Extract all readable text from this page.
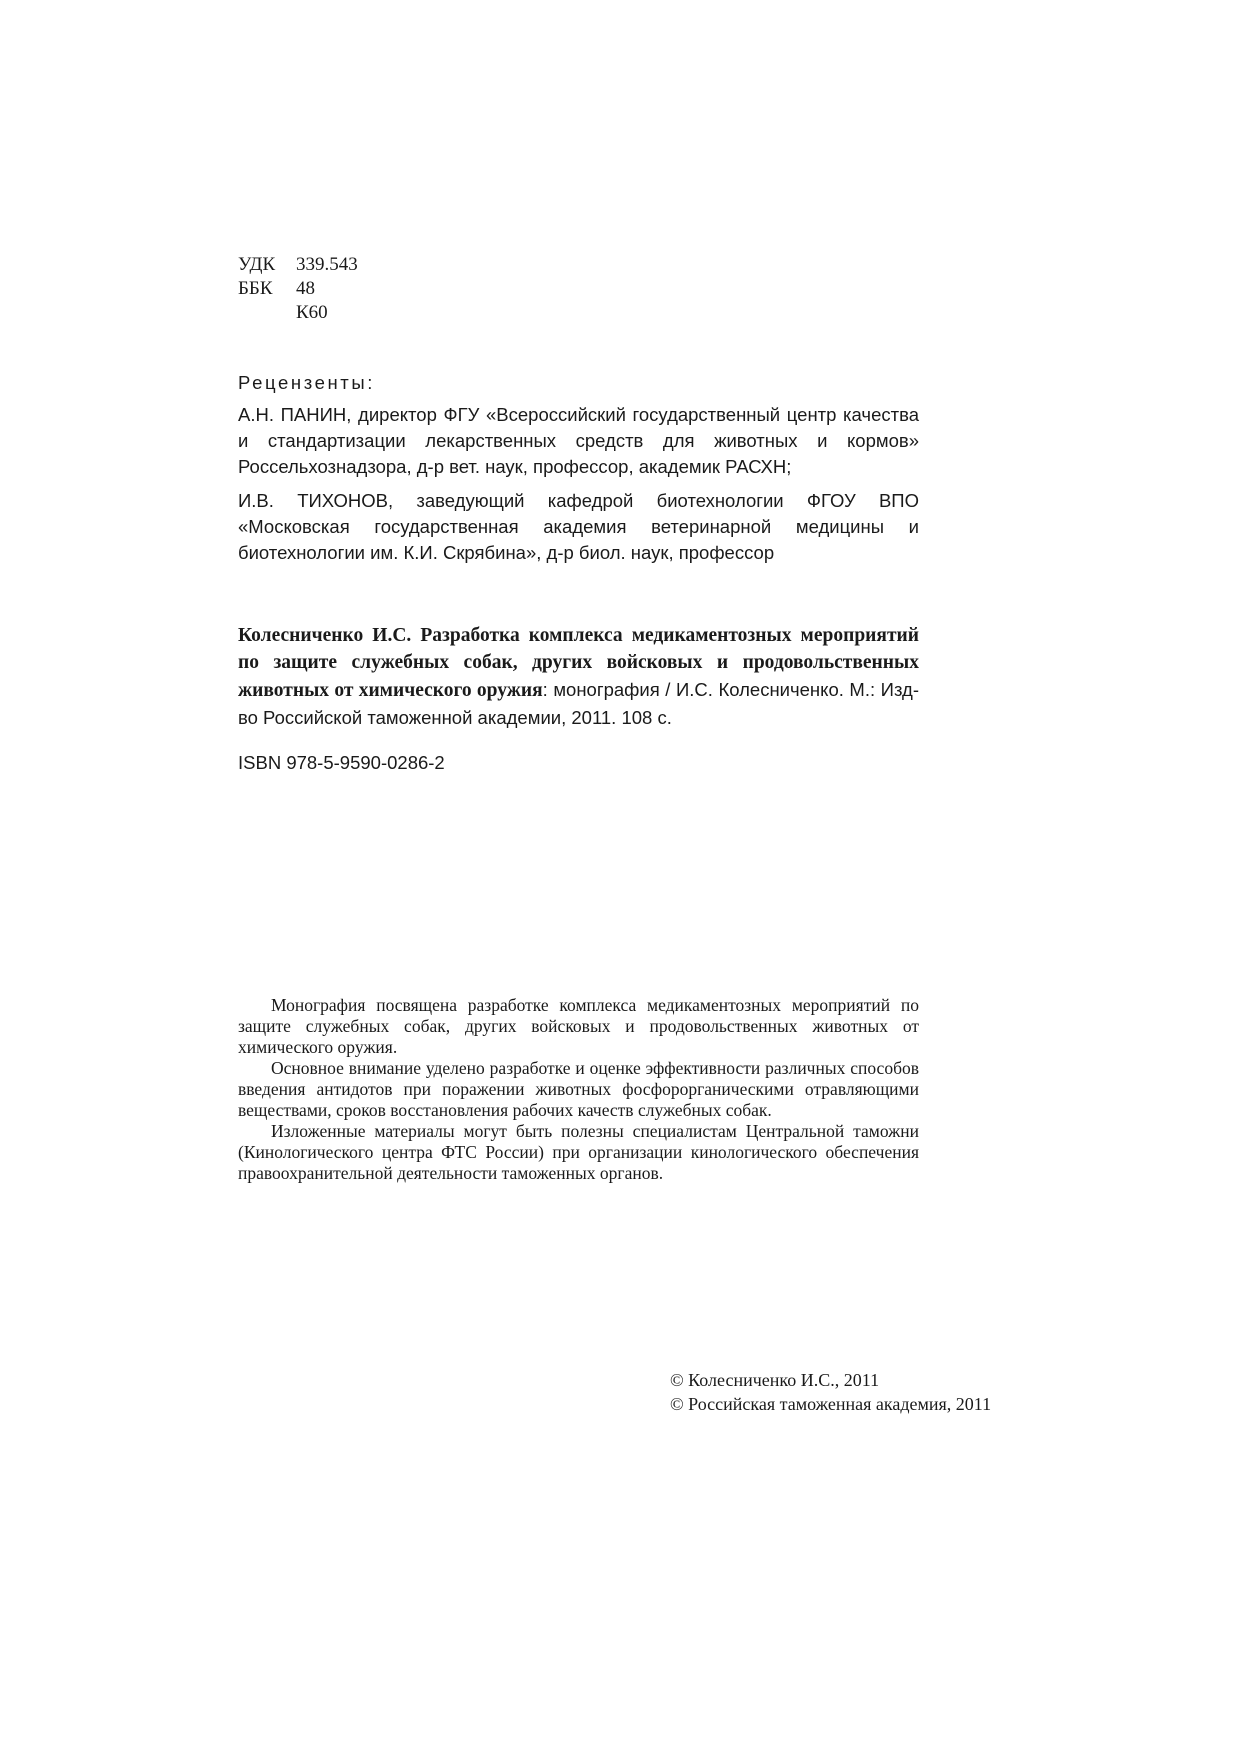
УДК	339.543
ББК	48
К60
Рецензенты:

А.Н. ПАНИН, директор ФГУ «Всероссийский государственный центр качества и стандартизации лекарственных средств для животных и кормов» Россельхознадзора, д-р вет. наук, профессор, академик РАСХН;

И.В. ТИХОНОВ, заведующий кафедрой биотехнологии ФГОУ ВПО «Московская государственная академия ветеринарной медицины и биотехнологии им. К.И. Скрябина», д-р биол. наук, профессор

Колесниченко И.С. Разработка комплекса медикаментозных мероприятий по защите служебных собак, других войсковых и продовольственных животных от химического оружия: монография / И.С. Колесниченко. М.: Изд-во Российской таможенной академии, 2011. 108 с.

ISBN 978-5-9590-0286-2

Монография посвящена разработке комплекса медикаментозных мероприятий по защите служебных собак, других войсковых и продовольственных животных от химического оружия.

Основное внимание уделено разработке и оценке эффективности различных способов введения антидотов при поражении животных фосфорорганическими отравляющими веществами, сроков восстановления рабочих качеств служебных собак.

Изложенные материалы могут быть полезны специалистам Центральной таможни (Кинологического центра ФТС России) при организации кинологического обеспечения правоохранительной деятельности таможенных органов.

© Колесниченко И.С., 2011
© Российская таможенная академия, 2011
